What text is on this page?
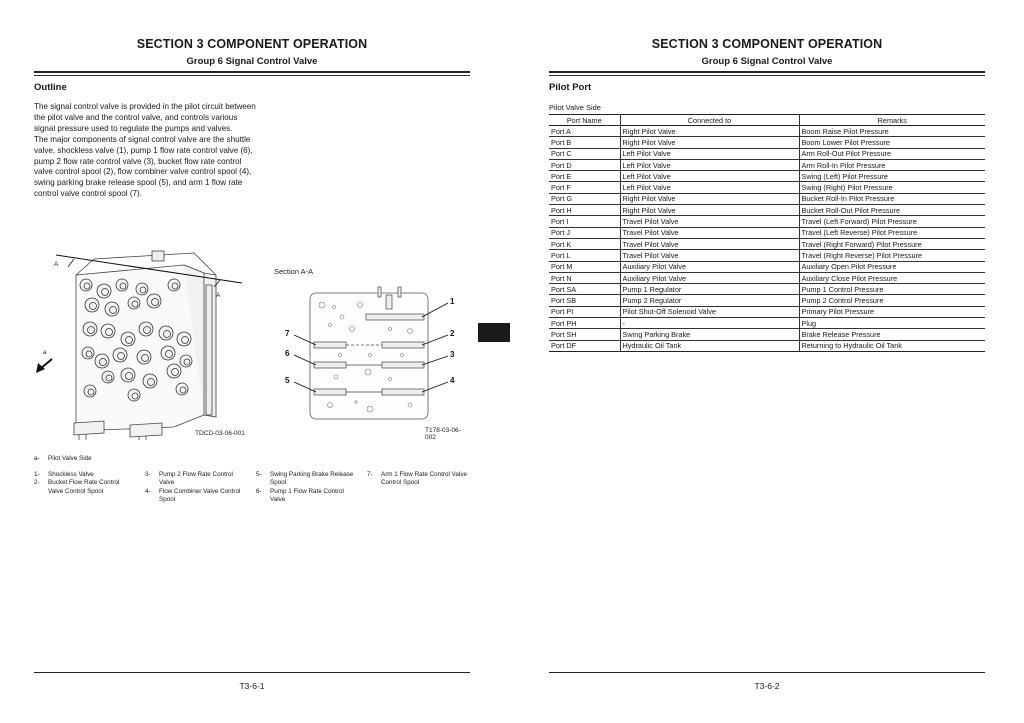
SECTION 3 COMPONENT OPERATION
Group 6 Signal Control Valve
Outline

The signal control valve is provided in the pilot circuit between the pilot valve and the control valve, and controls various signal pressure used to regulate the pumps and valves.

The major components of signal control valve are the shuttle valve, shockless valve (1), pump 1 flow rate control valve (6), pump 2 flow rate control valve (3), bucket flow rate control valve control spool (2), flow combiner valve control spool (4), swing parking brake release spool (5), and arm 1 flow rate control valve control spool (7).

A
A
a
TDCD-03-06-001
Section A-A
1
2
3
4
5
6
7
T178-03-06-002
a- Pilot Valve Side
1- Shockless Valve
2- Bucket Flow Rate Control Valve Control Spool
3- Pump 2 Flow Rate Control Valve
4- Flow Combiner Valve Control Spool
5- Swing Parking Brake Release Spool
6- Pump 1 Flow Rate Control Valve
7- Arm 1 Flow Rate Control Valve Control Spool
T3-6-1
SECTION 3 COMPONENT OPERATION
Group 6 Signal Control Valve
Pilot Port
Pilot Valve Side
Port Name	Connected to	Remarks
Port A	Right Pilot Valve	Boom Raise Pilot Pressure
Port B	Right Pilot Valve	Boom Lower Pilot Pressure
Port C	Left Pilot Valve	Arm Roll-Out Pilot Pressure
Port D	Left Pilot Valve	Arm Roll-In Pilot Pressure
Port E	Left Pilot Valve	Swing (Left) Pilot Pressure
Port F	Left Pilot Valve	Swing (Right) Pilot Pressure
Port G	Right Pilot Valve	Bucket Roll-In Pilot Pressure
Port H	Right Pilot Valve	Bucket Roll-Out Pilot Pressure
Port I	Travel Pilot Valve	Travel (Left Forward) Pilot Pressure
Port J	Travel Pilot Valve	Travel (Left Reverse) Pilot Pressure
Port K	Travel Pilot Valve	Travel (Right Forward) Pilot Pressure
Port L	Travel Pilot Valve	Travel (Right Reverse) Pilot Pressure
Port M	Auxiliary Pilot Valve	Auxiliary Open Pilot Pressure
Port N	Auxiliary Pilot Valve	Auxiliary Close Pilot Pressure
Port SA	Pump 1 Regulator	Pump 1 Control Pressure
Port SB	Pump 2 Regulator	Pump 2 Control Pressure
Port PI	Pilot Shut-Off Solenoid Valve	Primary Pilot Pressure
Port PH	-	Plug
Port SH	Swing Parking Brake	Brake Release Pressure
Port DF	Hydraulic Oil Tank	Returning to Hydraulic Oil Tank
T3-6-2
